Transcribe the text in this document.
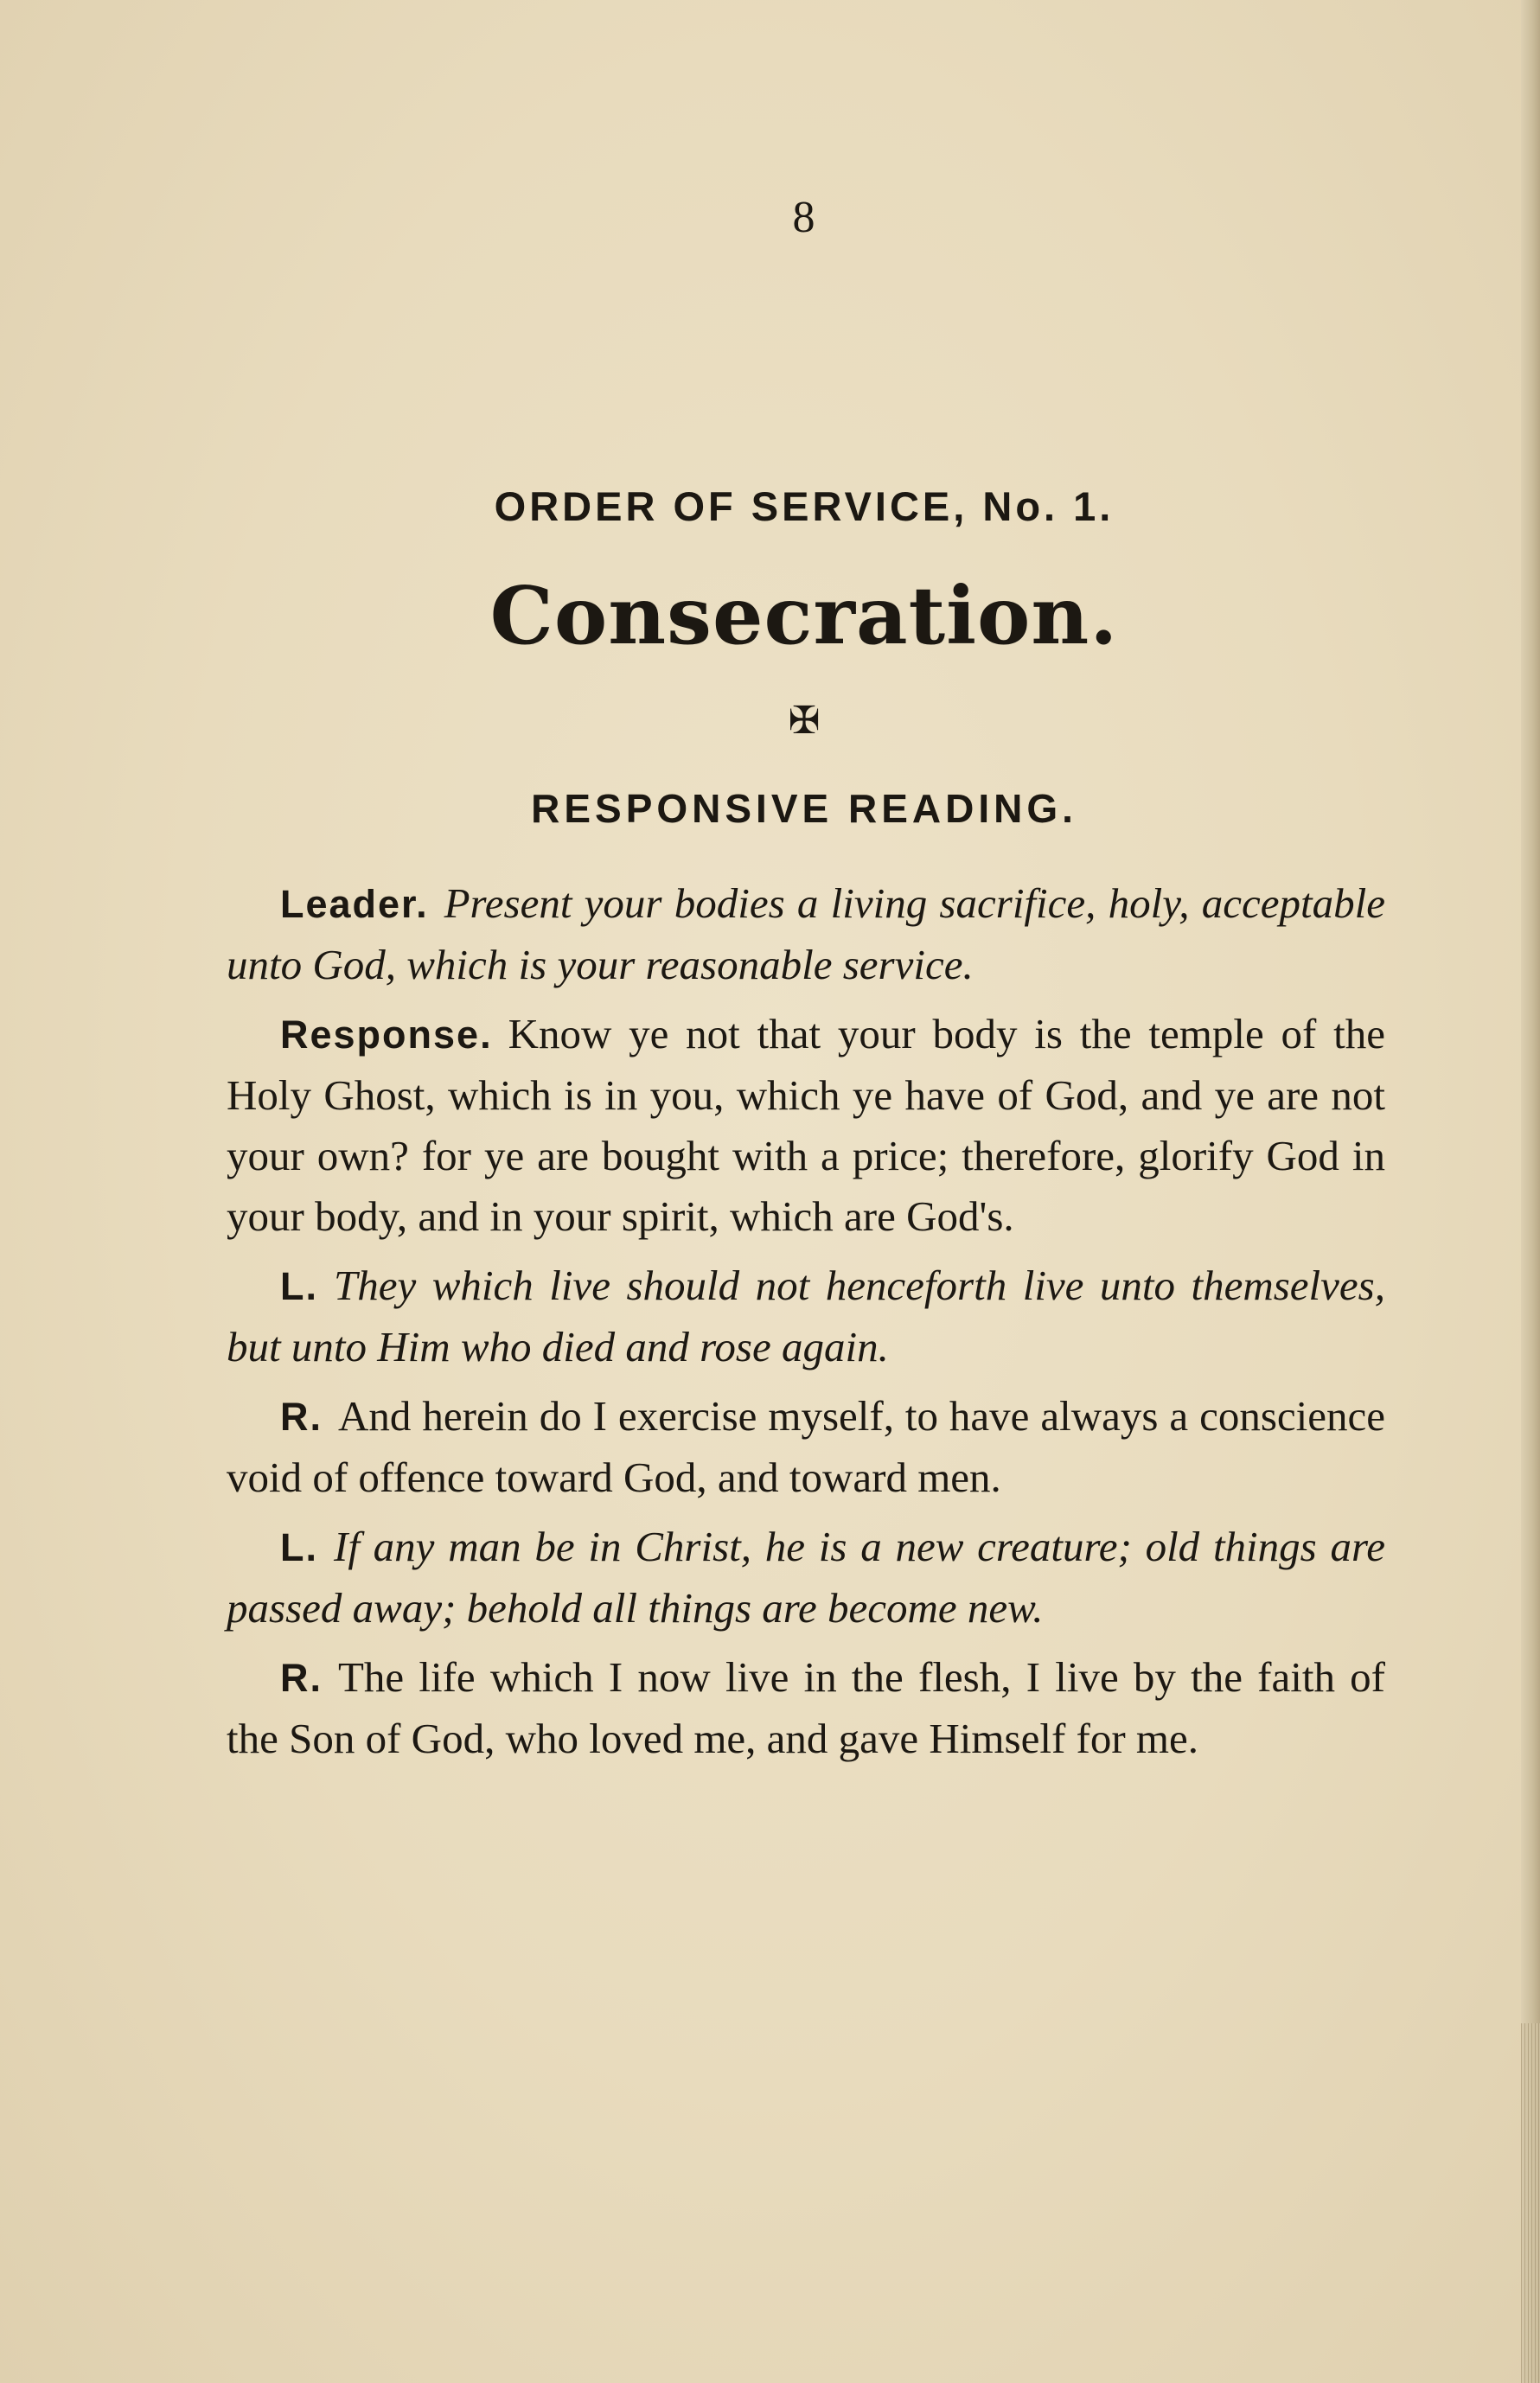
8
ORDER OF SERVICE, No. 1.
Consecration.
✠
RESPONSIVE READING.

Leader. Present your bodies a living sacrifice, holy, acceptable unto God, which is your reasonable service.

Response. Know ye not that your body is the temple of the Holy Ghost, which is in you, which ye have of God, and ye are not your own? for ye are bought with a price; therefore, glorify God in your body, and in your spirit, which are God's.

L. They which live should not henceforth live unto themselves, but unto Him who died and rose again.

R. And herein do I exercise myself, to have always a conscience void of offence toward God, and toward men.

L. If any man be in Christ, he is a new creature; old things are passed away; behold all things are become new.

R. The life which I now live in the flesh, I live by the faith of the Son of God, who loved me, and gave Himself for me.
